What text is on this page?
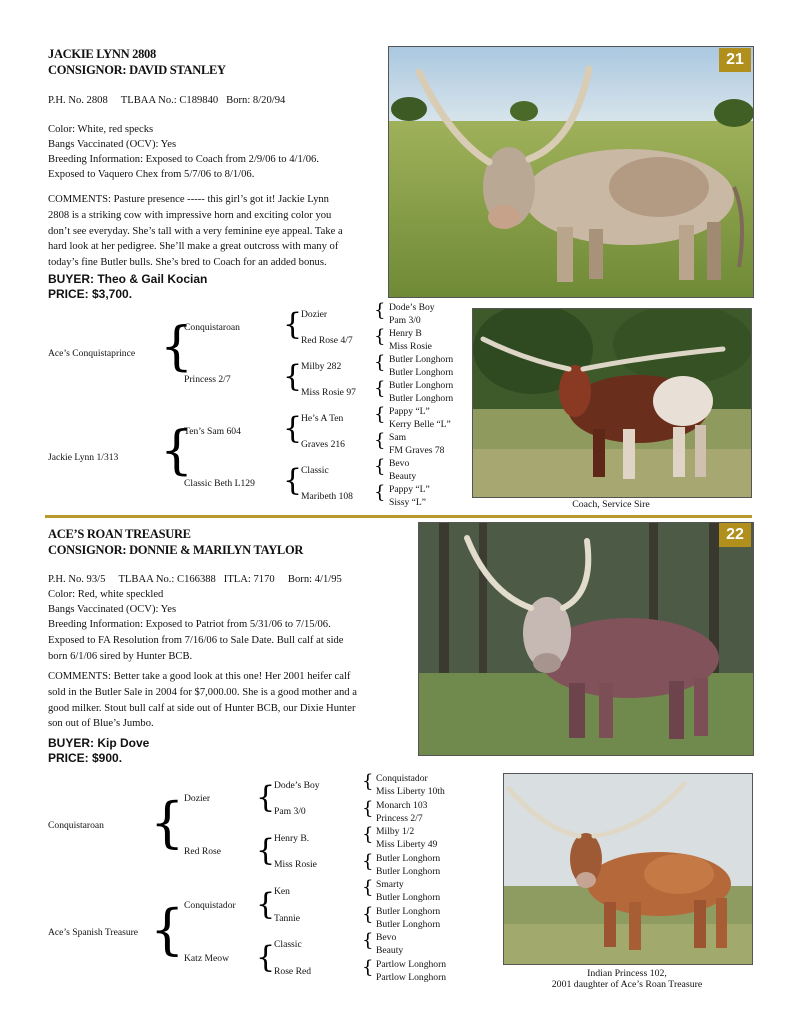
JACKIE LYNN 2808
CONSIGNOR: DAVID STANLEY
P.H. No. 2808     TLBAA No.: C189840   Born: 8/20/94
Color: White, red specks
Bangs Vaccinated (OCV): Yes
Breeding Information: Exposed to Coach from 2/9/06 to 4/1/06.
Exposed to Vaquero Chex from 5/7/06 to 8/1/06.
COMMENTS: Pasture presence ----- this girl’s got it! Jackie Lynn
2808 is a striking cow with impressive horn and exciting color you
don’t see everyday. She’s tall with a very feminine eye appeal. Take a
hard look at her pedigree. She’ll make a great outcross with many of
today’s fine Butler bulls. She’s bred to Coach for an added bonus.
BUYER: Theo & Gail Kocian
PRICE: $3,700.
21
Ace’s Conquistaprince
Jackie Lynn 1/313
{
{
Conquistaroan
Princess 2/7
Ten’s Sam 604
Classic Beth L129
{
{
{
{
Dozier
Red Rose 4/7
Milby 282
Miss Rosie 97
He’s A Ten
Graves 216
Classic
Maribeth 108
{
{
{
{
{
{
{
{
Dode’s Boy
Pam 3/0
Henry B
Miss Rosie
Butler Longhorn
Butler Longhorn
Butler Longhorn
Butler Longhorn
Pappy “L”
Kerry Belle “L”
Sam
FM Graves 78
Bevo
Beauty
Pappy “L”
Sissy “L”	Coach, Service Sire
ACE’S ROAN TREASURE
CONSIGNOR: DONNIE & MARILYN TAYLOR
P.H. No. 93/5     TLBAA No.: C166388   ITLA: 7170     Born: 4/1/95
Color: Red, white speckled
Bangs Vaccinated (OCV): Yes
Breeding Information: Exposed to Patriot from 5/31/06 to 7/15/06.
Exposed to FA Resolution from 7/16/06 to Sale Date. Bull calf at side
born 6/1/06 sired by Hunter BCB.
COMMENTS: Better take a good look at this one! Her 2001 heifer calf
sold in the Butler Sale in 2004 for $7,000.00. She is a good mother and a
good milker. Stout bull calf at side out of Hunter BCB, our Dixie Hunter
son out of Blue’s Jumbo.
BUYER: Kip Dove
PRICE: $900.
22
Conquistaroan
Ace’s Spanish Treasure
{
{
Dozier
Red Rose
Conquistador
Katz Meow
{
{
{
{
Dode’s Boy
Pam 3/0
Henry B.
Miss Rosie
Ken
Tannie
Classic
Rose Red
{
{
{
{
{
{
{
{
Conquistador
Miss Liberty 10th
Monarch 103
Princess 2/7
Milby 1/2
Miss Liberty 49
Butler Longhorn
Butler Longhorn
Smarty
Butler Longhorn
Butler Longhorn
Butler Longhorn
Bevo
Beauty
Partlow Longhorn
Partlow Longhorn	Indian Princess 102,
2001 daughter of Ace’s Roan Treasure
